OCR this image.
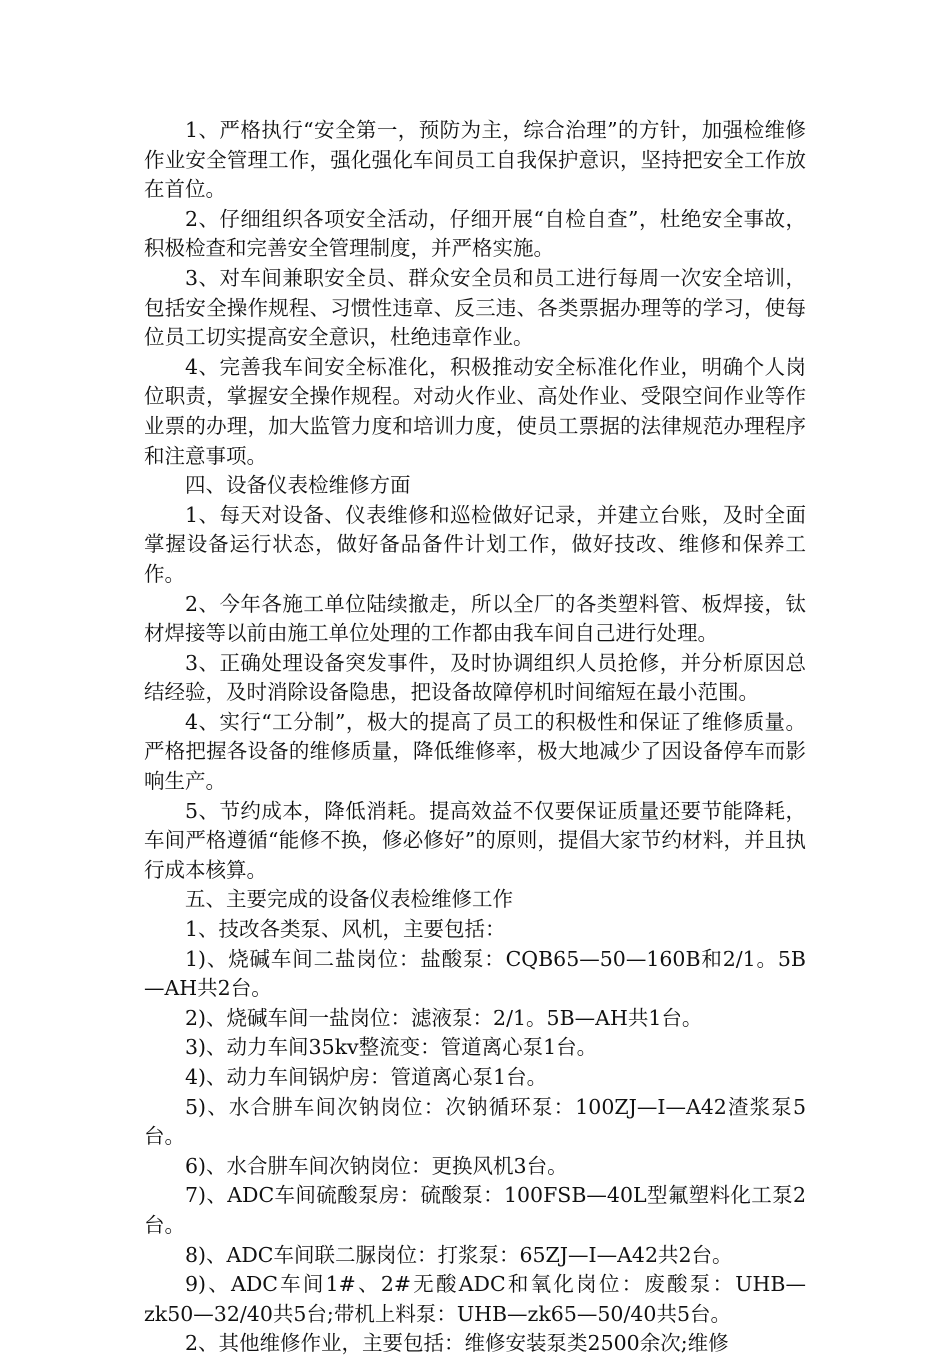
1、严格执行“安全第一，预防为主，综合治理”的方针，加强检维修作业安全管理工作，强化强化车间员工自我保护意识，坚持把安全工作放在首位。

2、仔细组织各项安全活动，仔细开展“自检自查”，杜绝安全事故，积极检查和完善安全管理制度，并严格实施。

3、对车间兼职安全员、群众安全员和员工进行每周一次安全培训，包括安全操作规程、习惯性违章、反三违、各类票据办理等的学习，使每位员工切实提高安全意识，杜绝违章作业。

4、完善我车间安全标准化，积极推动安全标准化作业，明确个人岗位职责，掌握安全操作规程。对动火作业、高处作业、受限空间作业等作业票的办理，加大监管力度和培训力度，使员工票据的法律规范办理程序和注意事项。

四、设备仪表检维修方面

1、每天对设备、仪表维修和巡检做好记录，并建立台账，及时全面掌握设备运行状态，做好备品备件计划工作，做好技改、维修和保养工作。

2、今年各施工单位陆续撤走，所以全厂的各类塑料管、板焊接，钛材焊接等以前由施工单位处理的工作都由我车间自己进行处理。

3、正确处理设备突发事件，及时协调组织人员抢修，并分析原因总结经验，及时消除设备隐患，把设备故障停机时间缩短在最小范围。

4、实行“工分制”，极大的提高了员工的积极性和保证了维修质量。严格把握各设备的维修质量，降低维修率，极大地减少了因设备停车而影响生产。

5、节约成本，降低消耗。提高效益不仅要保证质量还要节能降耗，车间严格遵循“能修不换，修必修好”的原则，提倡大家节约材料，并且执行成本核算。

五、主要完成的设备仪表检维修工作

1、技改各类泵、风机，主要包括：

1)、烧碱车间二盐岗位：盐酸泵：CQB65—50—160B和2/1。5B—AH共2台。

2)、烧碱车间一盐岗位：滤液泵：2/1。5B—AH共1台。

3)、动力车间35kv整流变：管道离心泵1台。

4)、动力车间锅炉房：管道离心泵1台。

5)、水合肼车间次钠岗位：次钠循环泵：100ZJ—I—A42渣浆泵5台。

6)、水合肼车间次钠岗位：更换风机3台。

7)、ADC车间硫酸泵房：硫酸泵：100FSB—40L型氟塑料化工泵2台。

8)、ADC车间联二脲岗位：打浆泵：65ZJ—I—A42共2台。

9)、ADC车间1#、2#无酸ADC和氧化岗位：废酸泵：UHB—zk50—32/40共5台;带机上料泵：UHB—zk65—50/40共5台。

2、其他维修作业，主要包括：维修安装泵类2500余次;维修
